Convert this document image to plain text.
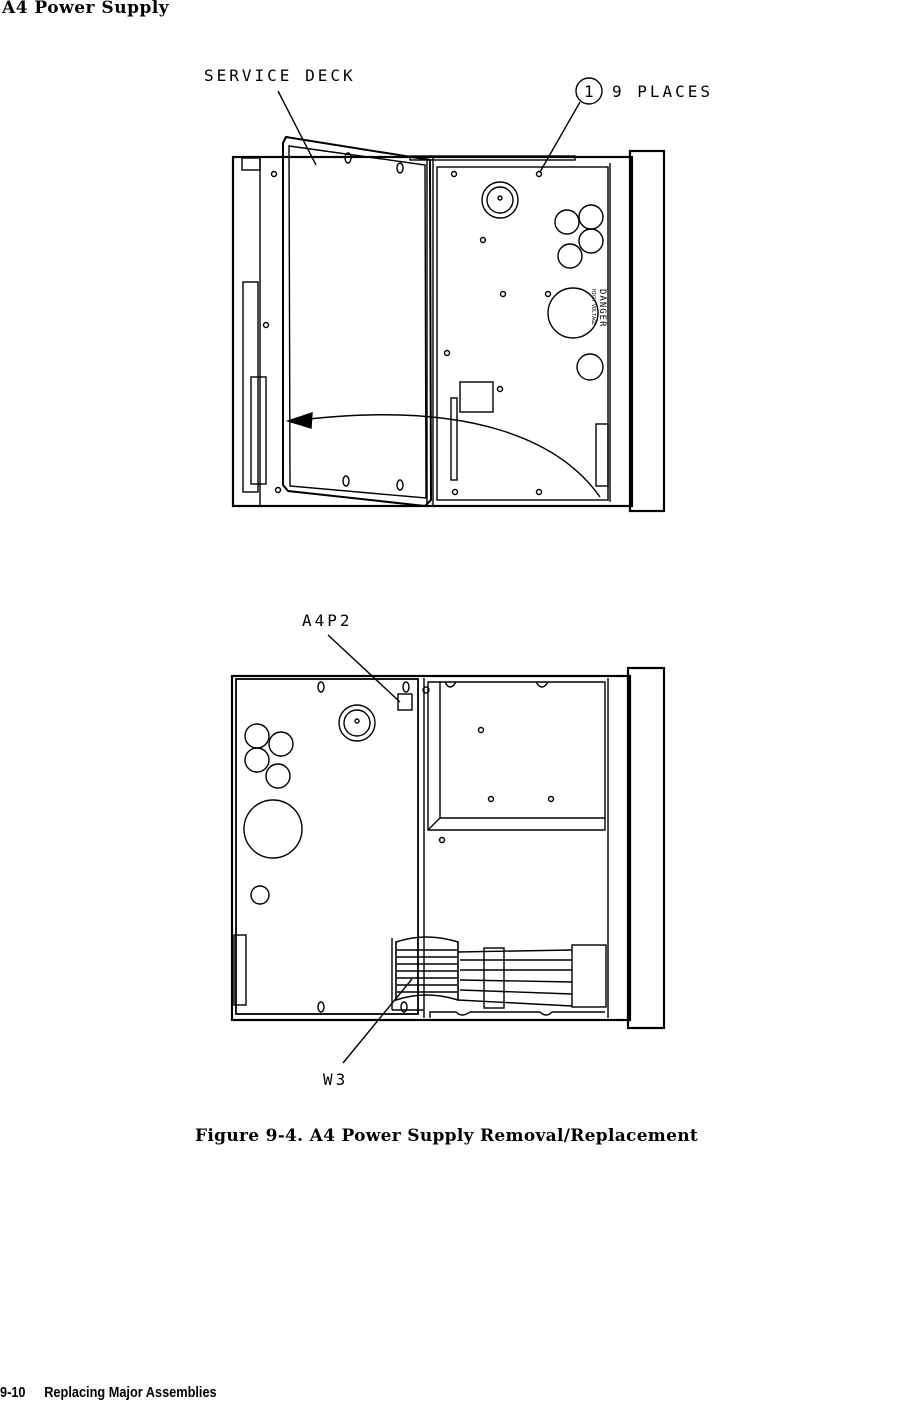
A4 Power Supply
SERVICE DECK
1 9 PLACES
DANGER
HIGH VOLTAGE
A4P2
W3
Figure 9-4. A4 Power Supply Removal/Replacement
9-10 Replacing Major Assemblies
